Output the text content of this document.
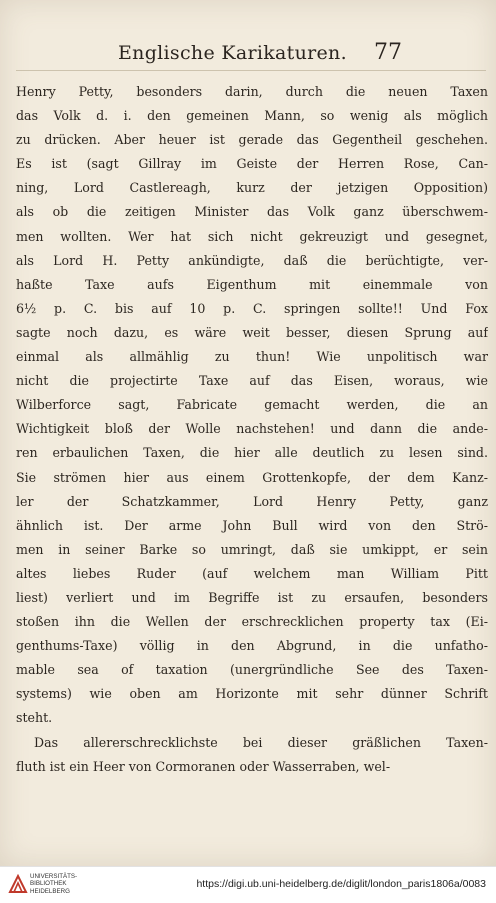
Englische Karikaturen. 77
Henry Petty, besonders darin, durch die neuen Taxen
das Volk d. i. den gemeinen Mann, so wenig als möglich
zu drücken. Aber heuer ist gerade das Gegentheil geschehen.
Es ist (sagt Gillray im Geiste der Herren Rose, Can-
ning, Lord Castlereagh, kurz der jetzigen Opposition)
als ob die zeitigen Minister das Volk ganz überschwem-
men wollten. Wer hat sich nicht gekreuzigt und gesegnet,
als Lord H. Petty ankündigte, daß die berüchtigte, ver-
haßte Taxe aufs Eigenthum mit einemmale von
6½ p. C. bis auf 10 p. C. springen sollte!! Und Fox
sagte noch dazu, es wäre weit besser, diesen Sprung auf
einmal als allmählig zu thun! Wie unpolitisch war
nicht die projectirte Taxe auf das Eisen, woraus, wie
Wilberforce sagt, Fabricate gemacht werden, die an
Wichtigkeit bloß der Wolle nachstehen! und dann die andе-
ren erbaulichen Taxen, die hier alle deutlich zu lesen sind.
Sie strömen hier aus einem Grottenkopfe, der dem Kanz-
ler der Schatzkammer, Lord Henry Petty, ganz
ähnlich ist. Der arme John Bull wird von den Strö-
men in seiner Barke so umringt, daß sie umkippt, er sein
altes liebes Ruder (auf welchem man William Pitt
liest) verliert und im Begriffe ist zu ersaufen, besonders
stoßen ihn die Wellen der erschrecklichen property tax (Ei-
genthums-Taxe) völlig in den Abgrund, in die unfatho-
mable sea of taxation (unergründliche See des Taxen-
systems) wie oben am Horizonte mit sehr dünner Schrift
steht.
Das allererschrecklichste bei dieser gräßlichen Taxen-
fluth ist ein Heer von Cormoranen oder Wasserraben, wel-
UNIVERSITÄTS-
BIBLIOTHEK
HEIDELBERG
https://digi.ub.uni-heidelberg.de/diglit/london_paris1806a/0083
